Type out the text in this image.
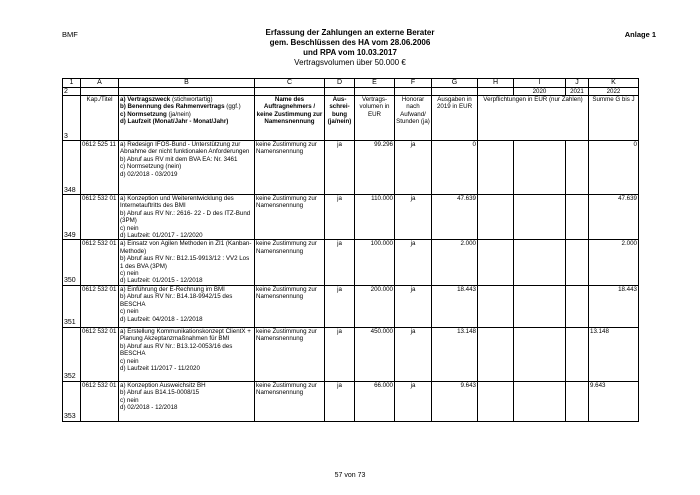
BMF	Anlage 1
Erfassung der Zahlungen an externe Berater
gem. Beschlüssen des HA vom 28.06.2006
und RPA vom 10.03.2017
Vertragsvolumen über 50.000 €
1	A	B	C	D	E	F	G	H	I	J	K
2									2020	2021	2022
3	Kap./Titel	a) Vertragszweck (stichwortartig)
b) Benennung des Rahmenvertrags (ggf.)
c) Normsetzung (ja/nein)
d) Laufzeit (Monat/Jahr - Monat/Jahr)	Name des Auftragnehmers / keine Zustimmung zur Namensnennung	Aus-schrei-bung (ja/nein)	Vertrags-volumen in EUR	Honorar nach Aufwand/ Stunden (ja)	Ausgaben in 2019 in EUR	Verpflichtungen in EUR (nur Zahlen)			Summe G bis J
348	0612 525 11	a) Redesign IFOS-Bund - Unterstützung zur Abnahme der nicht funktionalen Anforderungen
b) Abruf aus RV mit dem BVA EA: Nr. 3461
c) Normsetzung (nein)
d) 02/2018 - 03/2019	keine Zustimmung zur Namensnennung	ja	99.296	ja	0				0
349	0612 532 01	a) Konzeption und Weiterentwicklung des Internetauftritts des BMI
b) Abruf aus RV Nr.: 2616- 22 - D des ITZ-Bund (3PM)
c) nein
d) Laufzeit: 01/2017 - 12/2020	keine Zustimmung zur Namensnennung	ja	110.000	ja	47.639				47.639
350	0612 532 01	a) Einsatz von Agilen Methoden in ZI1 (Kanban-Methode)
b) Abruf aus RV Nr.: B12.15-9913/12 : VV2 Los 1 des BVA (3PM)
c) nein
d) Laufzeit: 01/2015 - 12/2018	keine Zustimmung zur Namensnennung	ja	100.000	ja	2.000				2.000
351	0612 532 01	a) Einführung der E-Rechnung im BMI
b) Abruf aus RV Nr.: B14.18-9942/15 des BESCHA
c) nein
d) Laufzeit: 04/2018 - 12/2018	keine Zustimmung zur Namensnennung	ja	200.000	ja	18.443				18.443
352	0612 532 01	a) Erstellung Kommunikationskonzept ClientX + Planung Akzeptanzmaßnahmen für BMI
b) Abruf aus RV Nr.: B13.12-0053/16 des BESCHA
c) nein
d) Laufzeit 11/2017 - 11/2020	keine Zustimmung zur Namensnennung	ja	450.000	ja	13.148				13.148
353	0612 532 01	a) Konzeption Ausweichsitz BH
b) Abruf aus B14.15-0008/15
c) nein
d) 02/2018 - 12/2018	keine Zustimmung zur Namensnennung	ja	66.000	ja	9.643				9.643
57 von 73
